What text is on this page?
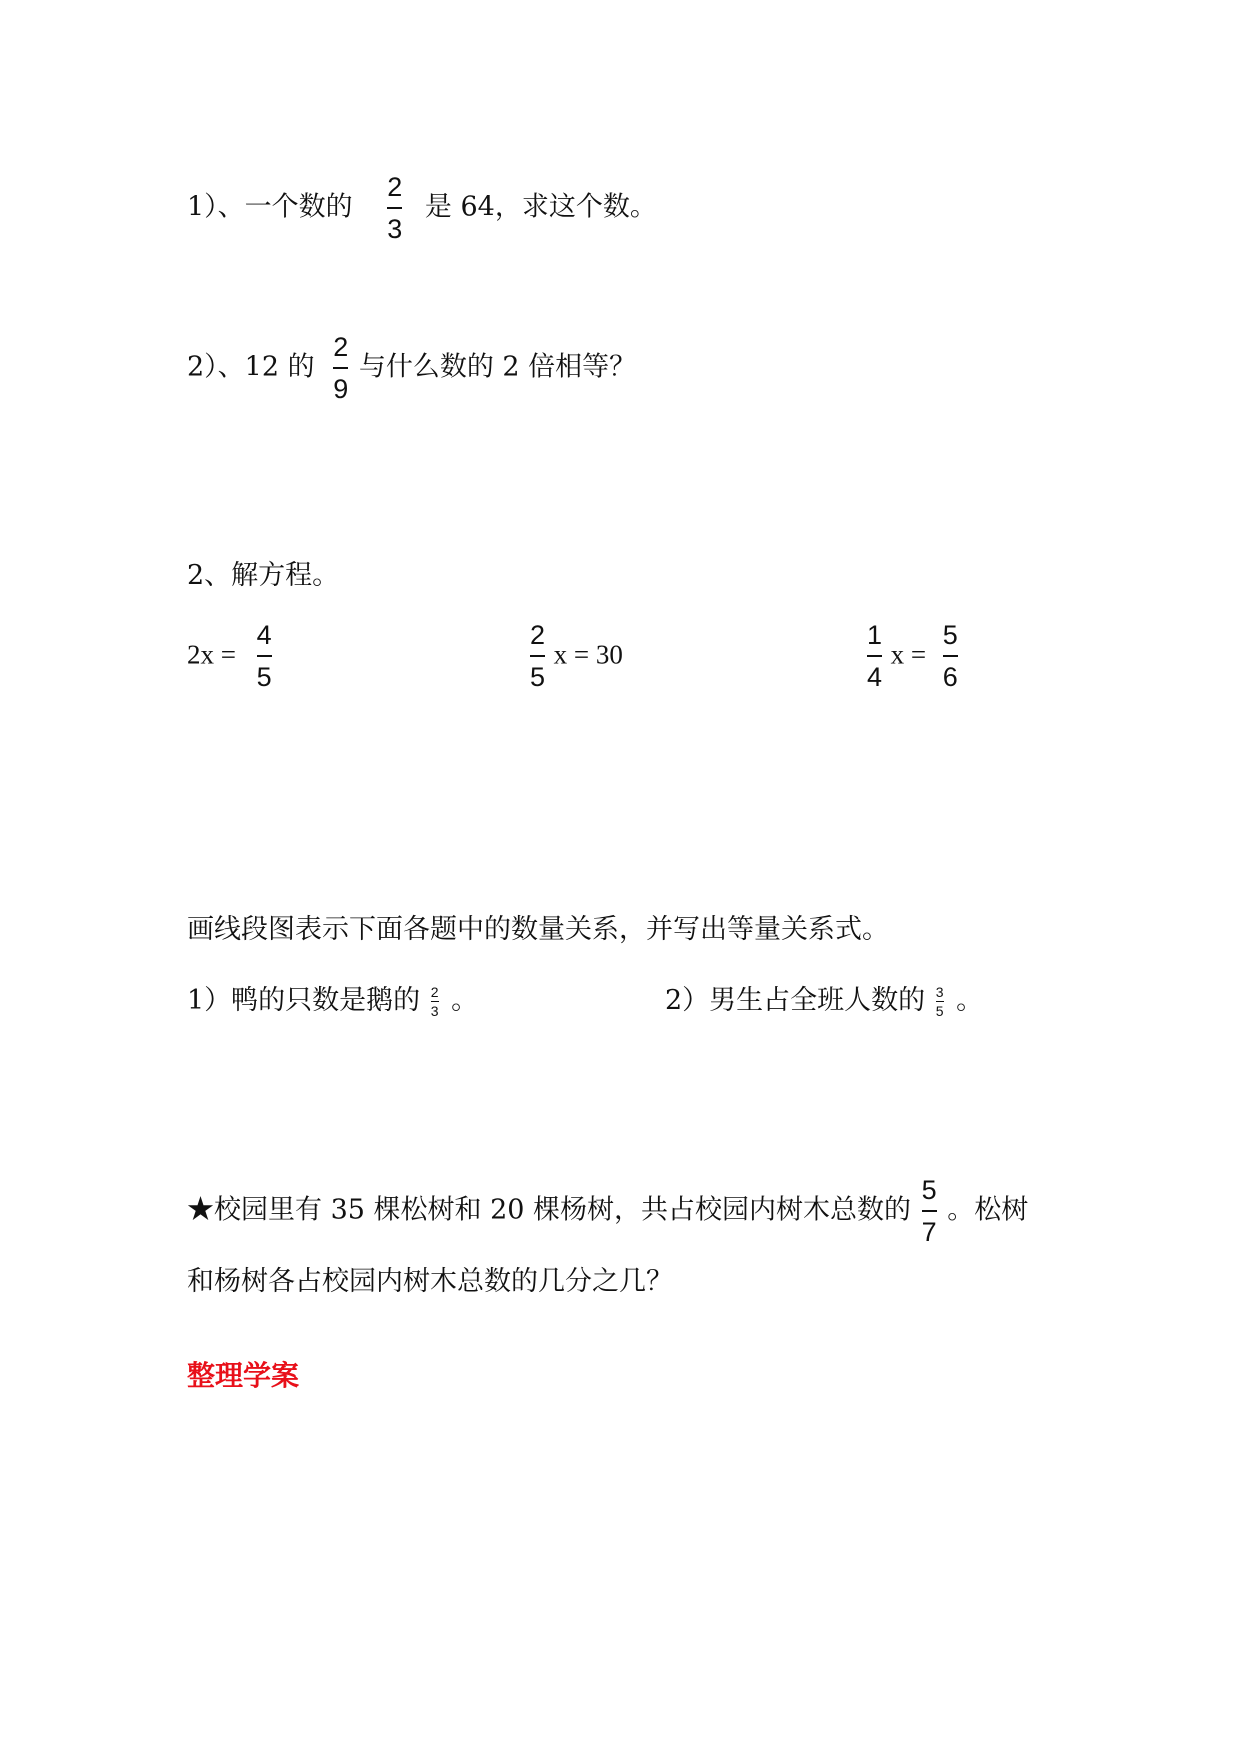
1）、一个数的 $\frac{2}{3}$ 是 64，求这个数。
2）、12 的 $\frac{2}{9}$ 与什么数的 2 倍相等？
2、解方程。
$2x = \frac{4}{5}$	$\frac{2}{5}$ x = 30	$\frac{1}{4}$ $x = \frac{5}{6}$
画线段图表示下面各题中的数量关系，并写出等量关系式。
1）鸭的只数是鹅的 $\frac{2}{3}$ 。	2）男生占全班人数的 $\frac{3}{5}$ 。
★校园里有 35 棵松树和 20 棵杨树，共占校园内树木总数的 $\frac{5}{7}$ 。松树
和杨树各占校园内树木总数的几分之几？
整理学案
